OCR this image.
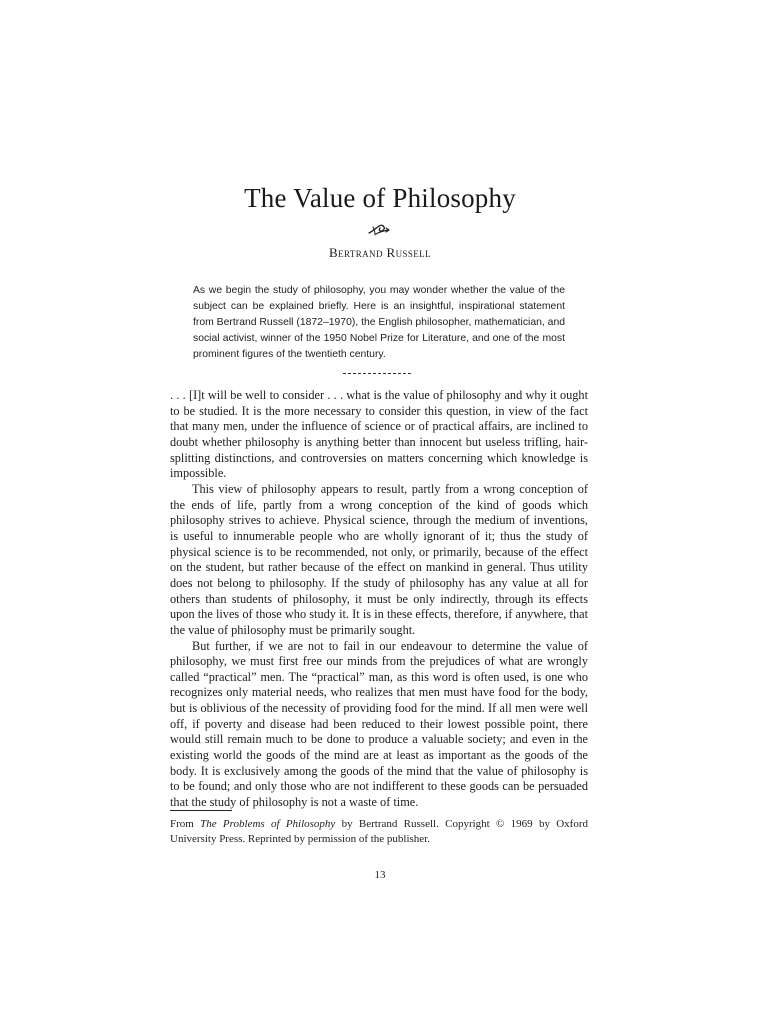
The Value of Philosophy
Bertrand Russell
As we begin the study of philosophy, you may wonder whether the value of the subject can be explained briefly. Here is an insightful, inspirational statement from Bertrand Russell (1872–1970), the English philosopher, mathematician, and social activist, winner of the 1950 Nobel Prize for Literature, and one of the most prominent figures of the twentieth century.

. . . [I]t will be well to consider . . . what is the value of philosophy and why it ought to be studied. It is the more necessary to consider this question, in view of the fact that many men, under the influence of science or of practical affairs, are inclined to doubt whether philosophy is anything better than innocent but useless trifling, hair-splitting distinctions, and controversies on matters concerning which knowledge is impossible.

This view of philosophy appears to result, partly from a wrong conception of the ends of life, partly from a wrong conception of the kind of goods which philosophy strives to achieve. Physical science, through the medium of inventions, is useful to innumerable people who are wholly ignorant of it; thus the study of physical science is to be recommended, not only, or primarily, because of the effect on the student, but rather because of the effect on mankind in general. Thus utility does not belong to philosophy. If the study of philosophy has any value at all for others than students of philosophy, it must be only indirectly, through its effects upon the lives of those who study it. It is in these effects, therefore, if anywhere, that the value of philosophy must be primarily sought.

But further, if we are not to fail in our endeavour to determine the value of philosophy, we must first free our minds from the prejudices of what are wrongly called “practical” men. The “practical” man, as this word is often used, is one who recognizes only material needs, who realizes that men must have food for the body, but is oblivious of the necessity of providing food for the mind. If all men were well off, if poverty and disease had been reduced to their lowest possible point, there would still remain much to be done to produce a valuable society; and even in the existing world the goods of the mind are at least as important as the goods of the body. It is exclusively among the goods of the mind that the value of philosophy is to be found; and only those who are not indifferent to these goods can be persuaded that the study of philosophy is not a waste of time.

From The Problems of Philosophy by Bertrand Russell. Copyright © 1969 by Oxford University Press. Reprinted by permission of the publisher.
13
